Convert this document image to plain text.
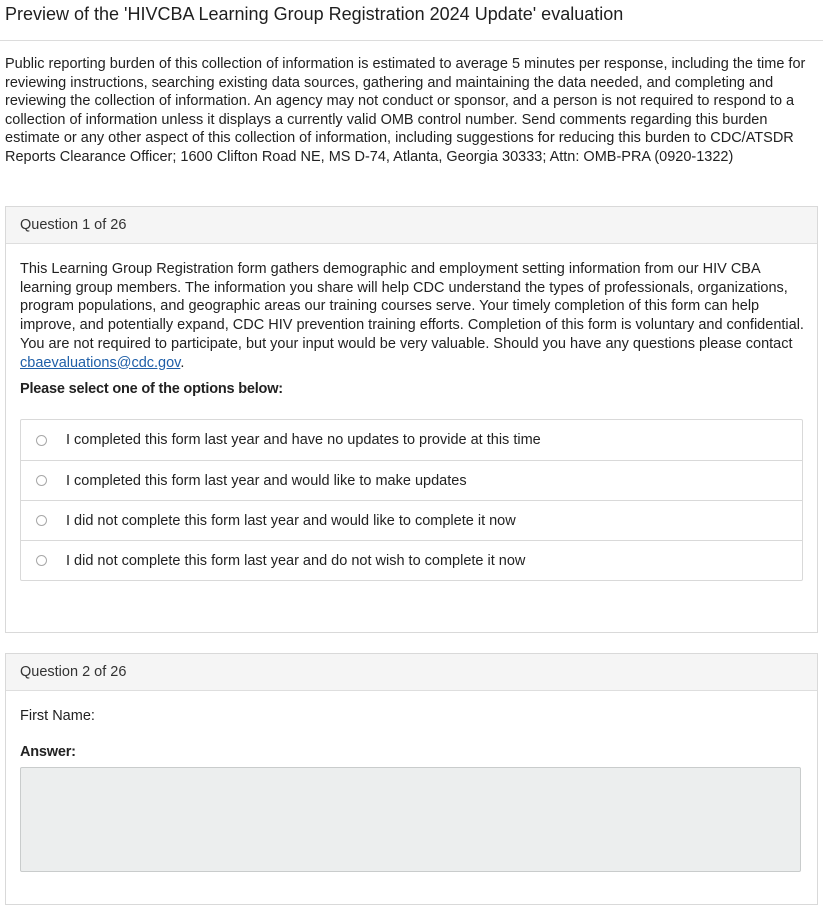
Preview of the 'HIVCBA Learning Group Registration 2024 Update' evaluation

Public reporting burden of this collection of information is estimated to average 5 minutes per response, including the time for reviewing instructions, searching existing data sources, gathering and maintaining the data needed, and completing and reviewing the collection of information. An agency may not conduct or sponsor, and a person is not required to respond to a collection of information unless it displays a currently valid OMB control number. Send comments regarding this burden estimate or any other aspect of this collection of information, including suggestions for reducing this burden to CDC/ATSDR Reports Clearance Officer; 1600 Clifton Road NE, MS D-74, Atlanta, Georgia 30333; Attn: OMB-PRA (0920-1322)

Question 1 of 26

This Learning Group Registration form gathers demographic and employment setting information from our HIV CBA learning group members. The information you share will help CDC understand the types of professionals, organizations, program populations, and geographic areas our training courses serve. Your timely completion of this form can help improve, and potentially expand, CDC HIV prevention training efforts. Completion of this form is voluntary and confidential. You are not required to participate, but your input would be very valuable. Should you have any questions please contact cbaevaluations@cdc.gov.

Please select one of the options below:

I completed this form last year and have no updates to provide at this time
I completed this form last year and would like to make updates
I did not complete this form last year and would like to complete it now
I did not complete this form last year and do not wish to complete it now
Question 2 of 26

First Name:

Answer:
